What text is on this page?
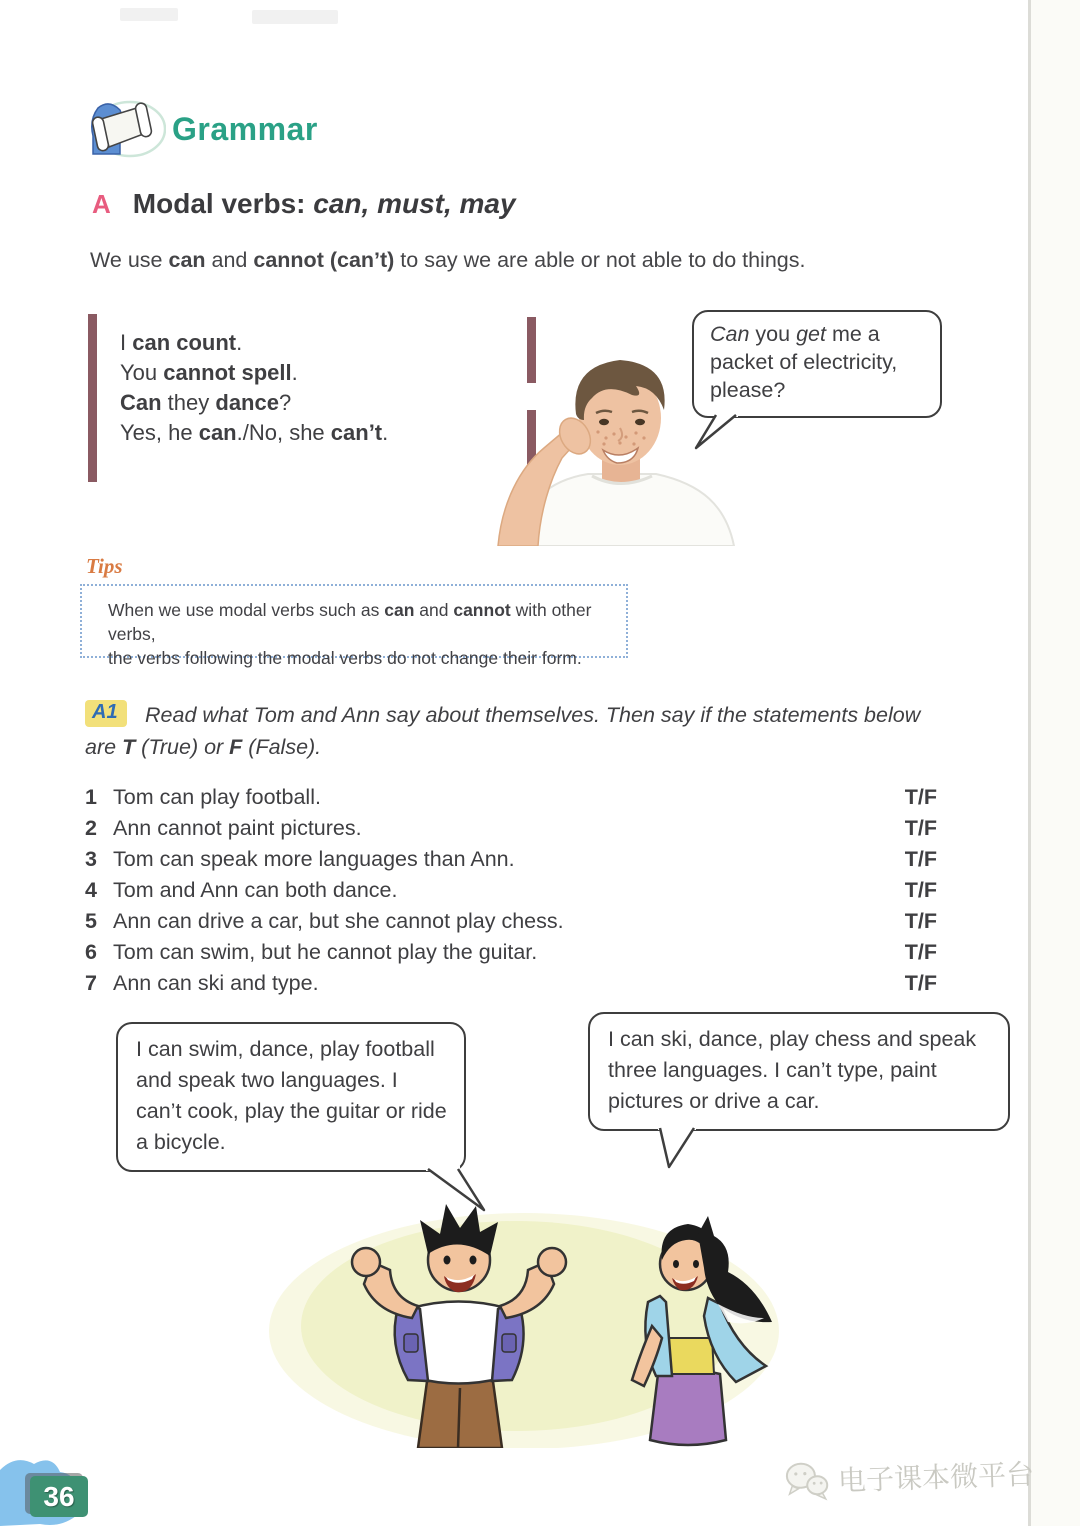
Grammar
A Modal verbs: can, must, may
We use can and cannot (can’t) to say we are able or not able to do things.
I can count.
You cannot spell.
Can they dance?
Yes, he can./No, she can’t.
Can you get me a packet of electricity, please?
Tips
When we use modal verbs such as can and cannot with other verbs,
the verbs following the modal verbs do not change their form.
A1	Read what Tom and Ann say about themselves. Then say if the statements below
are T (True) or F (False).
1 Tom can play football.	T/F
2 Ann cannot paint pictures.	T/F
3 Tom can speak more languages than Ann.	T/F
4 Tom and Ann can both dance.	T/F
5 Ann can drive a car, but she cannot play chess.	T/F
6 Tom can swim, but he cannot play the guitar.	T/F
7 Ann can ski and type.	T/F
I can swim, dance, play football and speak two languages. I can’t cook, play the guitar or ride a bicycle.
I can ski, dance, play chess and speak three languages. I can’t type, paint pictures or drive a car.
36	电子课本微平台
